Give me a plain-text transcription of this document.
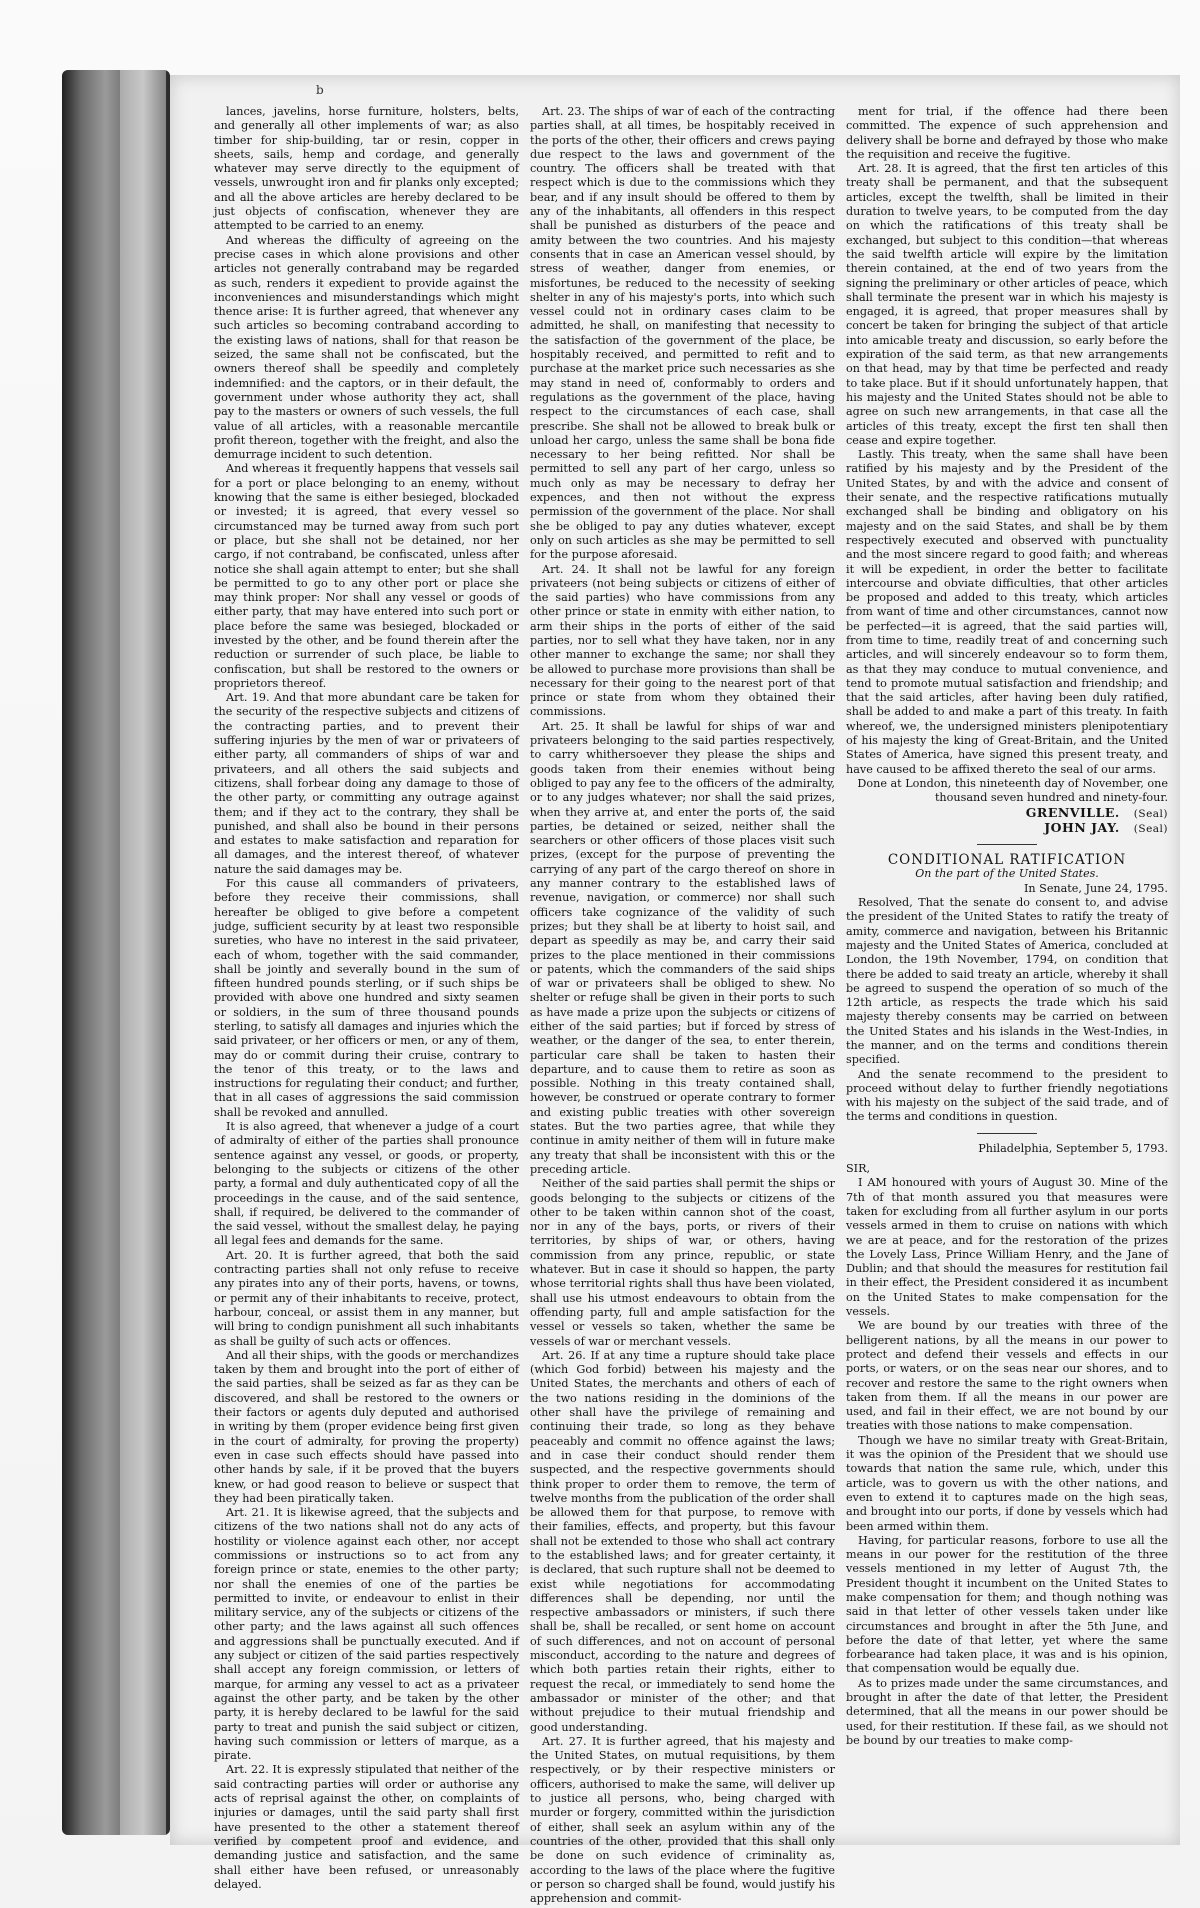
b

lances, javelins, horse furniture, holsters, belts, and generally all other implements of war; as also timber for ship-building, tar or resin, copper in sheets, sails, hemp and cordage, and generally whatever may serve directly to the equipment of vessels, unwrought iron and fir planks only excepted; and all the above articles are hereby declared to be just objects of confiscation, whenever they are attempted to be carried to an enemy.

And whereas the difficulty of agreeing on the precise cases in which alone provisions and other articles not generally contraband may be regarded as such, renders it expedient to provide against the inconveniences and misunderstandings which might thence arise: It is further agreed, that whenever any such articles so becoming contraband according to the existing laws of nations, shall for that reason be seized, the same shall not be confiscated, but the owners thereof shall be speedily and completely indemnified: and the captors, or in their default, the government under whose authority they act, shall pay to the masters or owners of such vessels, the full value of all articles, with a reasonable mercantile profit thereon, together with the freight, and also the demurrage incident to such detention.

And whereas it frequently happens that vessels sail for a port or place belonging to an enemy, without knowing that the same is either besieged, blockaded or invested; it is agreed, that every vessel so circumstanced may be turned away from such port or place, but she shall not be detained, nor her cargo, if not contraband, be confiscated, unless after notice she shall again attempt to enter; but she shall be permitted to go to any other port or place she may think proper: Nor shall any vessel or goods of either party, that may have entered into such port or place before the same was besieged, blockaded or invested by the other, and be found therein after the reduction or surrender of such place, be liable to confiscation, but shall be restored to the owners or proprietors thereof.

Art. 19. And that more abundant care be taken for the security of the respective subjects and citizens of the contracting parties, and to prevent their suffering injuries by the men of war or privateers of either party, all commanders of ships of war and privateers, and all others the said subjects and citizens, shall forbear doing any damage to those of the other party, or committing any outrage against them; and if they act to the contrary, they shall be punished, and shall also be bound in their persons and estates to make satisfaction and reparation for all damages, and the interest thereof, of whatever nature the said damages may be.

For this cause all commanders of privateers, before they receive their commissions, shall hereafter be obliged to give before a competent judge, sufficient security by at least two responsible sureties, who have no interest in the said privateer, each of whom, together with the said commander, shall be jointly and severally bound in the sum of fifteen hundred pounds sterling, or if such ships be provided with above one hundred and sixty seamen or soldiers, in the sum of three thousand pounds sterling, to satisfy all damages and injuries which the said privateer, or her officers or men, or any of them, may do or commit during their cruise, contrary to the tenor of this treaty, or to the laws and instructions for regulating their conduct; and further, that in all cases of aggressions the said commission shall be revoked and annulled.

It is also agreed, that whenever a judge of a court of admiralty of either of the parties shall pronounce sentence against any vessel, or goods, or property, belonging to the subjects or citizens of the other party, a formal and duly authenticated copy of all the proceedings in the cause, and of the said sentence, shall, if required, be delivered to the commander of the said vessel, without the smallest delay, he paying all legal fees and demands for the same.

Art. 20. It is further agreed, that both the said contracting parties shall not only refuse to receive any pirates into any of their ports, havens, or towns, or permit any of their inhabitants to receive, protect, harbour, conceal, or assist them in any manner, but will bring to condign punishment all such inhabitants as shall be guilty of such acts or offences.

And all their ships, with the goods or merchandizes taken by them and brought into the port of either of the said parties, shall be seized as far as they can be discovered, and shall be restored to the owners or their factors or agents duly deputed and authorised in writing by them (proper evidence being first given in the court of admiralty, for proving the property) even in case such effects should have passed into other hands by sale, if it be proved that the buyers knew, or had good reason to believe or suspect that they had been piratically taken.

Art. 21. It is likewise agreed, that the subjects and citizens of the two nations shall not do any acts of hostility or violence against each other, nor accept commissions or instructions so to act from any foreign prince or state, enemies to the other party; nor shall the enemies of one of the parties be permitted to invite, or endeavour to enlist in their military service, any of the subjects or citizens of the other party; and the laws against all such offences and aggressions shall be punctually executed. And if any subject or citizen of the said parties respectively shall accept any foreign commission, or letters of marque, for arming any vessel to act as a privateer against the other party, and be taken by the other party, it is hereby declared to be lawful for the said party to treat and punish the said subject or citizen, having such commission or letters of marque, as a pirate.

Art. 22. It is expressly stipulated that neither of the said contracting parties will order or authorise any acts of reprisal against the other, on complaints of injuries or damages, until the said party shall first have presented to the other a statement thereof verified by competent proof and evidence, and demanding justice and satisfaction, and the same shall either have been refused, or unreasonably delayed.

Art. 23. The ships of war of each of the contracting parties shall, at all times, be hospitably received in the ports of the other, their officers and crews paying due respect to the laws and government of the country. The officers shall be treated with that respect which is due to the commissions which they bear, and if any insult should be offered to them by any of the inhabitants, all offenders in this respect shall be punished as disturbers of the peace and amity between the two countries. And his majesty consents that in case an American vessel should, by stress of weather, danger from enemies, or misfortunes, be reduced to the necessity of seeking shelter in any of his majesty's ports, into which such vessel could not in ordinary cases claim to be admitted, he shall, on manifesting that necessity to the satisfaction of the government of the place, be hospitably received, and permitted to refit and to purchase at the market price such necessaries as she may stand in need of, conformably to orders and regulations as the government of the place, having respect to the circumstances of each case, shall prescribe. She shall not be allowed to break bulk or unload her cargo, unless the same shall be bona fide necessary to her being refitted. Nor shall be permitted to sell any part of her cargo, unless so much only as may be necessary to defray her expences, and then not without the express permission of the government of the place. Nor shall she be obliged to pay any duties whatever, except only on such articles as she may be permitted to sell for the purpose aforesaid.

Art. 24. It shall not be lawful for any foreign privateers (not being subjects or citizens of either of the said parties) who have commissions from any other prince or state in enmity with either nation, to arm their ships in the ports of either of the said parties, nor to sell what they have taken, nor in any other manner to exchange the same; nor shall they be allowed to purchase more provisions than shall be necessary for their going to the nearest port of that prince or state from whom they obtained their commissions.

Art. 25. It shall be lawful for ships of war and privateers belonging to the said parties respectively, to carry whithersoever they please the ships and goods taken from their enemies without being obliged to pay any fee to the officers of the admiralty, or to any judges whatever; nor shall the said prizes, when they arrive at, and enter the ports of, the said parties, be detained or seized, neither shall the searchers or other officers of those places visit such prizes, (except for the purpose of preventing the carrying of any part of the cargo thereof on shore in any manner contrary to the established laws of revenue, navigation, or commerce) nor shall such officers take cognizance of the validity of such prizes; but they shall be at liberty to hoist sail, and depart as speedily as may be, and carry their said prizes to the place mentioned in their commissions or patents, which the commanders of the said ships of war or privateers shall be obliged to shew. No shelter or refuge shall be given in their ports to such as have made a prize upon the subjects or citizens of either of the said parties; but if forced by stress of weather, or the danger of the sea, to enter therein, particular care shall be taken to hasten their departure, and to cause them to retire as soon as possible. Nothing in this treaty contained shall, however, be construed or operate contrary to former and existing public treaties with other sovereign states. But the two parties agree, that while they continue in amity neither of them will in future make any treaty that shall be inconsistent with this or the preceding article.

Neither of the said parties shall permit the ships or goods belonging to the subjects or citizens of the other to be taken within cannon shot of the coast, nor in any of the bays, ports, or rivers of their territories, by ships of war, or others, having commission from any prince, republic, or state whatever. But in case it should so happen, the party whose territorial rights shall thus have been violated, shall use his utmost endeavours to obtain from the offending party, full and ample satisfaction for the vessel or vessels so taken, whether the same be vessels of war or merchant vessels.

Art. 26. If at any time a rupture should take place (which God forbid) between his majesty and the United States, the merchants and others of each of the two nations residing in the dominions of the other shall have the privilege of remaining and continuing their trade, so long as they behave peaceably and commit no offence against the laws; and in case their conduct should render them suspected, and the respective governments should think proper to order them to remove, the term of twelve months from the publication of the order shall be allowed them for that purpose, to remove with their families, effects, and property, but this favour shall not be extended to those who shall act contrary to the established laws; and for greater certainty, it is declared, that such rupture shall not be deemed to exist while negotiations for accommodating differences shall be depending, nor until the respective ambassadors or ministers, if such there shall be, shall be recalled, or sent home on account of such differences, and not on account of personal misconduct, according to the nature and degrees of which both parties retain their rights, either to request the recal, or immediately to send home the ambassador or minister of the other; and that without prejudice to their mutual friendship and good understanding.

Art. 27. It is further agreed, that his majesty and the United States, on mutual requisitions, by them respectively, or by their respective ministers or officers, authorised to make the same, will deliver up to justice all persons, who, being charged with murder or forgery, committed within the jurisdiction of either, shall seek an asylum within any of the countries of the other, provided that this shall only be done on such evidence of criminality as, according to the laws of the place where the fugitive or person so charged shall be found, would justify his apprehension and commit-

ment for trial, if the offence had there been committed. The expence of such apprehension and delivery shall be borne and defrayed by those who make the requisition and receive the fugitive.

Art. 28. It is agreed, that the first ten articles of this treaty shall be permanent, and that the subsequent articles, except the twelfth, shall be limited in their duration to twelve years, to be computed from the day on which the ratifications of this treaty shall be exchanged, but subject to this condition—that whereas the said twelfth article will expire by the limitation therein contained, at the end of two years from the signing the preliminary or other articles of peace, which shall terminate the present war in which his majesty is engaged, it is agreed, that proper measures shall by concert be taken for bringing the subject of that article into amicable treaty and discussion, so early before the expiration of the said term, as that new arrangements on that head, may by that time be perfected and ready to take place. But if it should unfortunately happen, that his majesty and the United States should not be able to agree on such new arrangements, in that case all the articles of this treaty, except the first ten shall then cease and expire together.

Lastly. This treaty, when the same shall have been ratified by his majesty and by the President of the United States, by and with the advice and consent of their senate, and the respective ratifications mutually exchanged shall be binding and obligatory on his majesty and on the said States, and shall be by them respectively executed and observed with punctuality and the most sincere regard to good faith; and whereas it will be expedient, in order the better to facilitate intercourse and obviate difficulties, that other articles be proposed and added to this treaty, which articles from want of time and other circumstances, cannot now be perfected—it is agreed, that the said parties will, from time to time, readily treat of and concerning such articles, and will sincerely endeavour so to form them, as that they may conduce to mutual convenience, and tend to promote mutual satisfaction and friendship; and that the said articles, after having been duly ratified, shall be added to and make a part of this treaty. In faith whereof, we, the undersigned ministers plenipotentiary of his majesty the king of Great-Britain, and the United States of America, have signed this present treaty, and have caused to be affixed thereto the seal of our arms.

Done at London, this nineteenth day of November, one thousand seven hundred and ninety-four.

GRENVILLE. (Seal)

JOHN JAY. (Seal)

CONDITIONAL RATIFICATION

On the part of the United States.

In Senate, June 24, 1795.

Resolved, That the senate do consent to, and advise the president of the United States to ratify the treaty of amity, commerce and navigation, between his Britannic majesty and the United States of America, concluded at London, the 19th November, 1794, on condition that there be added to said treaty an article, whereby it shall be agreed to suspend the operation of so much of the 12th article, as respects the trade which his said majesty thereby consents may be carried on between the United States and his islands in the West-Indies, in the manner, and on the terms and conditions therein specified.

And the senate recommend to the president to proceed without delay to further friendly negotiations with his majesty on the subject of the said trade, and of the terms and conditions in question.

Philadelphia, September 5, 1793.

SIR,

I AM honoured with yours of August 30. Mine of the 7th of that month assured you that measures were taken for excluding from all further asylum in our ports vessels armed in them to cruise on nations with which we are at peace, and for the restoration of the prizes the Lovely Lass, Prince William Henry, and the Jane of Dublin; and that should the measures for restitution fail in their effect, the President considered it as incumbent on the United States to make compensation for the vessels.

We are bound by our treaties with three of the belligerent nations, by all the means in our power to protect and defend their vessels and effects in our ports, or waters, or on the seas near our shores, and to recover and restore the same to the right owners when taken from them. If all the means in our power are used, and fail in their effect, we are not bound by our treaties with those nations to make compensation.

Though we have no similar treaty with Great-Britain, it was the opinion of the President that we should use towards that nation the same rule, which, under this article, was to govern us with the other nations, and even to extend it to captures made on the high seas, and brought into our ports, if done by vessels which had been armed within them.

Having, for particular reasons, forbore to use all the means in our power for the restitution of the three vessels mentioned in my letter of August 7th, the President thought it incumbent on the United States to make compensation for them; and though nothing was said in that letter of other vessels taken under like circumstances and brought in after the 5th June, and before the date of that letter, yet where the same forbearance had taken place, it was and is his opinion, that compensation would be equally due.

As to prizes made under the same circumstances, and brought in after the date of that letter, the President determined, that all the means in our power should be used, for their restitution. If these fail, as we should not be bound by our treaties to make comp-
